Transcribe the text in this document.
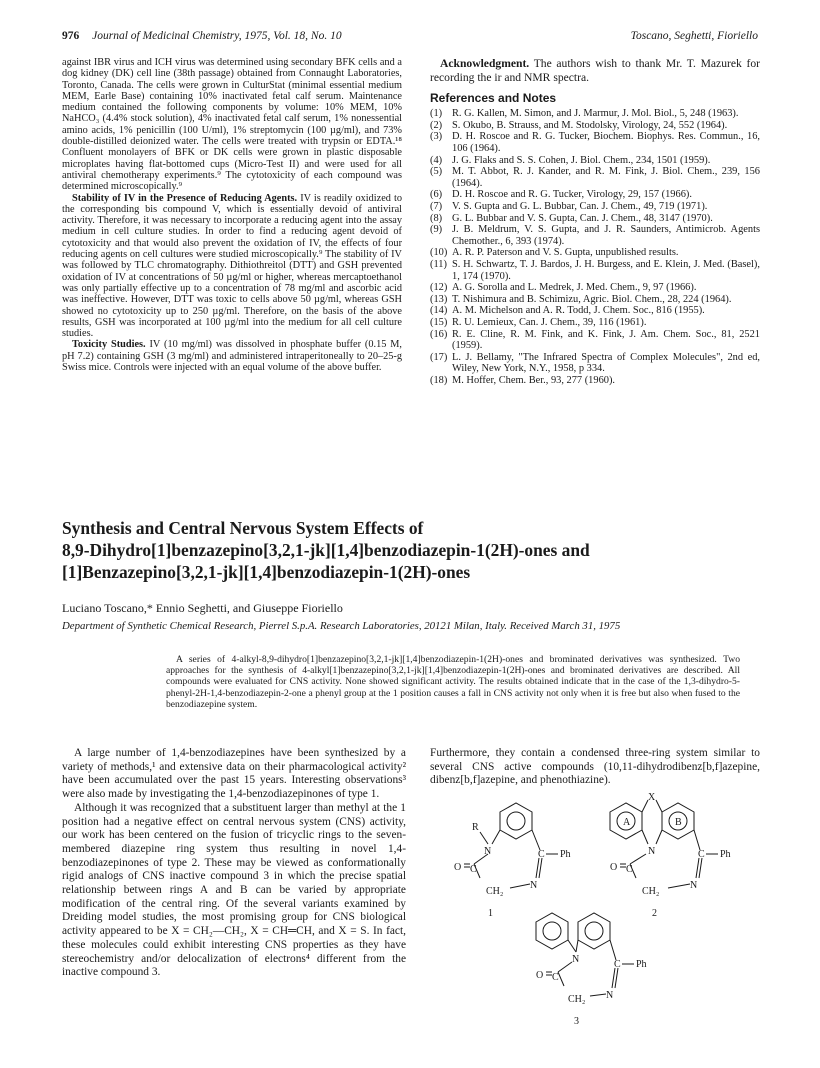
976 Journal of Medicinal Chemistry, 1975, Vol. 18, No. 10	Toscano, Seghetti, Fioriello

against IBR virus and ICH virus was determined using secondary BFK cells and a dog kidney (DK) cell line (38th passage) obtained from Connaught Laboratories, Toronto, Canada. The cells were grown in CulturStat (minimal essential medium MEM, Earle Base) containing 10% inactivated fetal calf serum. Maintenance medium contained the following components by volume: 10% MEM, 10% NaHCO₃ (4.4% stock solution), 4% inactivated fetal calf serum, 1% nonessential amino acids, 1% penicillin (100 U/ml), 1% streptomycin (100 µg/ml), and 73% double-distilled deionized water. The cells were treated with trypsin or EDTA.¹⁸ Confluent monolayers of BFK or DK cells were grown in plastic disposable microplates having flat-bottomed cups (Micro-Test II) and were used for all antiviral chemotherapy experiments.⁹ The cytotoxicity of each compound was determined microscopically.⁹

Stability of IV in the Presence of Reducing Agents. IV is readily oxidized to the corresponding bis compound V, which is essentially devoid of antiviral activity. Therefore, it was necessary to incorporate a reducing agent into the assay medium in cell culture studies. In order to find a reducing agent devoid of cytotoxicity and that would also prevent the oxidation of IV, the effects of four reducing agents on cell cultures were studied microscopically.⁹ The stability of IV was followed by TLC chromatography. Dithiothreitol (DTT) and GSH prevented oxidation of IV at concentrations of 50 µg/ml or higher, whereas mercaptoethanol was only partially effective up to a concentration of 78 mg/ml and ascorbic acid was ineffective. However, DTT was toxic to cells above 50 µg/ml, whereas GSH showed no cytotoxicity up to 250 µg/ml. Therefore, on the basis of the above results, GSH was incorporated at 100 µg/ml into the medium for all cell culture studies.

Toxicity Studies. IV (10 mg/ml) was dissolved in phosphate buffer (0.15 M, pH 7.2) containing GSH (3 mg/ml) and administered intraperitoneally to 20–25-g Swiss mice. Controls were injected with an equal volume of the above buffer.

Acknowledgment. The authors wish to thank Mr. T. Mazurek for recording the ir and NMR spectra.

References and Notes
(1) R. G. Kallen, M. Simon, and J. Marmur, J. Mol. Biol., 5, 248 (1963).
(2) S. Okubo, B. Strauss, and M. Stodolsky, Virology, 24, 552 (1964).
(3) D. H. Roscoe and R. G. Tucker, Biochem. Biophys. Res. Commun., 16, 106 (1964).
(4) J. G. Flaks and S. S. Cohen, J. Biol. Chem., 234, 1501 (1959).
(5) M. T. Abbot, R. J. Kander, and R. M. Fink, J. Biol. Chem., 239, 156 (1964).
(6) D. H. Roscoe and R. G. Tucker, Virology, 29, 157 (1966).
(7) V. S. Gupta and G. L. Bubbar, Can. J. Chem., 49, 719 (1971).
(8) G. L. Bubbar and V. S. Gupta, Can. J. Chem., 48, 3147 (1970).
(9) J. B. Meldrum, V. S. Gupta, and J. R. Saunders, Antimicrob. Agents Chemother., 6, 393 (1974).
(10) A. R. P. Paterson and V. S. Gupta, unpublished results.
(11) S. H. Schwartz, T. J. Bardos, J. H. Burgess, and E. Klein, J. Med. (Basel), 1, 174 (1970).
(12) A. G. Sorolla and L. Medrek, J. Med. Chem., 9, 97 (1966).
(13) T. Nishimura and B. Schimizu, Agric. Biol. Chem., 28, 224 (1964).
(14) A. M. Michelson and A. R. Todd, J. Chem. Soc., 816 (1955).
(15) R. U. Lemieux, Can. J. Chem., 39, 116 (1961).
(16) R. E. Cline, R. M. Fink, and K. Fink, J. Am. Chem. Soc., 81, 2521 (1959).
(17) L. J. Bellamy, "The Infrared Spectra of Complex Molecules", 2nd ed, Wiley, New York, N.Y., 1958, p 334.
(18) M. Hoffer, Chem. Ber., 93, 277 (1960).
Synthesis and Central Nervous System Effects of
8,9-Dihydro[1]benzazepino[3,2,1-jk][1,4]benzodiazepin-1(2H)-ones and
[1]Benzazepino[3,2,1-jk][1,4]benzodiazepin-1(2H)-ones
Luciano Toscano,* Ennio Seghetti, and Giuseppe Fioriello
Department of Synthetic Chemical Research, Pierrel S.p.A. Research Laboratories, 20121 Milan, Italy. Received March 31, 1975

A series of 4-alkyl-8,9-dihydro[1]benzazepino[3,2,1-jk][1,4]benzodiazepin-1(2H)-ones and brominated derivatives was synthesized. Two approaches for the synthesis of 4-alkyl[1]benzazepino[3,2,1-jk][1,4]benzodiazepin-1(2H)-ones and brominated derivatives are described. All compounds were evaluated for CNS activity. None showed significant activity. The results obtained indicate that in the case of the 1,3-dihydro-5-phenyl-2H-1,4-benzodiazepin-2-one a phenyl group at the 1 position causes a fall in CNS activity not only when it is free but also when fused to the benzodiazepine system.

A large number of 1,4-benzodiazepines have been synthesized by a variety of methods,¹ and extensive data on their pharmacological activity² have been accumulated over the past 15 years. Interesting observations³ were also made by investigating the 1,4-benzodiazepinones of type 1.

Although it was recognized that a substituent larger than methyl at the 1 position had a negative effect on central nervous system (CNS) activity, our work has been centered on the fusion of tricyclic rings to the seven-membered diazepine ring system thus resulting in novel 1,4-benzodiazepinones of type 2. These may be viewed as conformationally rigid analogs of CNS inactive compound 3 in which the precise spatial relationship between rings A and B can be varied by appropriate modification of the central ring. Of the several variants examined by Dreiding model studies, the most promising group for CNS biological activity appeared to be X = CH₂—CH₂, X = CH═CH, and X = S. In fact, these molecules could exhibit interesting CNS properties as they have stereochemistry and/or delocalization of electrons⁴ different from the inactive compound 3.

Furthermore, they contain a condensed three-ring system similar to several CNS active compounds (10,11-dihydrodibenz[b,f]azepine, dibenz[b,f]azepine, and phenothiazine).

R
N	C Ph
O C
N
CH₂
1
X
A	B
N	C Ph
O C
N
CH₂
2
N	C Ph
O C
N
CH₂
3
